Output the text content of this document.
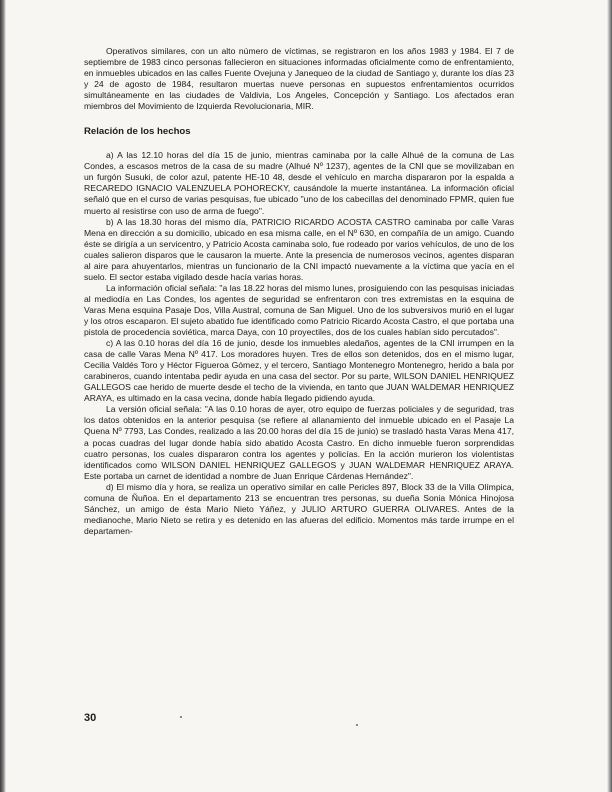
Operativos similares, con un alto número de víctimas, se registraron en los años 1983 y 1984. El 7 de septiembre de 1983 cinco personas fallecieron en situaciones informadas oficialmente como de enfrentamiento, en inmuebles ubicados en las calles Fuente Ovejuna y Janequeo de la ciudad de Santiago y, durante los días 23 y 24 de agosto de 1984, resultaron muertas nueve personas en supuestos enfrentamientos ocurridos simultáneamente en las ciudades de Valdivia, Los Angeles, Concepción y Santiago. Los afectados eran miembros del Movimiento de Izquierda Revolucionaria, MIR.

Relación de los hechos

a) A las 12.10 horas del día 15 de junio, mientras caminaba por la calle Alhué de la comuna de Las Condes, a escasos metros de la casa de su madre (Alhué Nº 1237), agentes de la CNI que se movilizaban en un furgón Susuki, de color azul, patente HE-10 48, desde el vehículo en marcha dispararon por la espalda a RECAREDO IGNACIO VALENZUELA POHORECKY, causándole la muerte instantánea. La información oficial señaló que en el curso de varias pesquisas, fue ubicado "uno de los cabecillas del denominado FPMR, quien fue muerto al resistirse con uso de arma de fuego".

b) A las 18.30 horas del mismo día, PATRICIO RICARDO ACOSTA CASTRO caminaba por calle Varas Mena en dirección a su domicilio, ubicado en esa misma calle, en el Nº 630, en compañía de un amigo. Cuando éste se dirigía a un servicentro, y Patricio Acosta caminaba solo, fue rodeado por varios vehículos, de uno de los cuales salieron disparos que le causaron la muerte. Ante la presencia de numerosos vecinos, agentes disparan al aire para ahuyentarlos, mientras un funcionario de la CNI impactó nuevamente a la víctima que yacía en el suelo. El sector estaba vigilado desde hacía varias horas.

La información oficial señala: "a las 18.22 horas del mismo lunes, prosiguiendo con las pesquisas iniciadas al mediodía en Las Condes, los agentes de seguridad se enfrentaron con tres extremistas en la esquina de Varas Mena esquina Pasaje Dos, Villa Austral, comuna de San Miguel. Uno de los subversivos murió en el lugar y los otros escaparon. El sujeto abatido fue identificado como Patricio Ricardo Acosta Castro, el que portaba una pistola de procedencia soviética, marca Daya, con 10 proyectiles, dos de los cuales habían sido percutados".

c) A las 0.10 horas del día 16 de junio, desde los inmuebles aledaños, agentes de la CNI irrumpen en la casa de calle Varas Mena Nº 417. Los moradores huyen. Tres de ellos son detenidos, dos en el mismo lugar, Cecilia Valdés Toro y Héctor Figueroa Gómez, y el tercero, Santiago Montenegro Montenegro, herido a bala por carabineros, cuando intentaba pedir ayuda en una casa del sector. Por su parte, WILSON DANIEL HENRIQUEZ GALLEGOS cae herido de muerte desde el techo de la vivienda, en tanto que JUAN WALDEMAR HENRIQUEZ ARAYA, es ultimado en la casa vecina, donde había llegado pidiendo ayuda.

La versión oficial señala: "A las 0.10 horas de ayer, otro equipo de fuerzas policiales y de seguridad, tras los datos obtenidos en la anterior pesquisa (se refiere al allanamiento del inmueble ubicado en el Pasaje La Quena Nº 7793, Las Condes, realizado a las 20.00 horas del día 15 de junio) se trasladó hasta Varas Mena 417, a pocas cuadras del lugar donde había sido abatido Acosta Castro. En dicho inmueble fueron sorprendidas cuatro personas, los cuales dispararon contra los agentes y policías. En la acción murieron los violentistas identificados como WILSON DANIEL HENRIQUEZ GALLEGOS y JUAN WALDEMAR HENRIQUEZ ARAYA. Este portaba un carnet de identidad a nombre de Juan Enrique Cárdenas Hernández".

d) El mismo día y hora, se realiza un operativo similar en calle Pericles 897, Block 33 de la Villa Olímpica, comuna de Ñuñoa. En el departamento 213 se encuentran tres personas, su dueña Sonia Mónica Hinojosa Sánchez, un amigo de ésta Mario Nieto Yáñez, y JULIO ARTURO GUERRA OLIVARES. Antes de la medianoche, Mario Nieto se retira y es detenido en las afueras del edificio. Momentos más tarde irrumpe en el departamen-

30
